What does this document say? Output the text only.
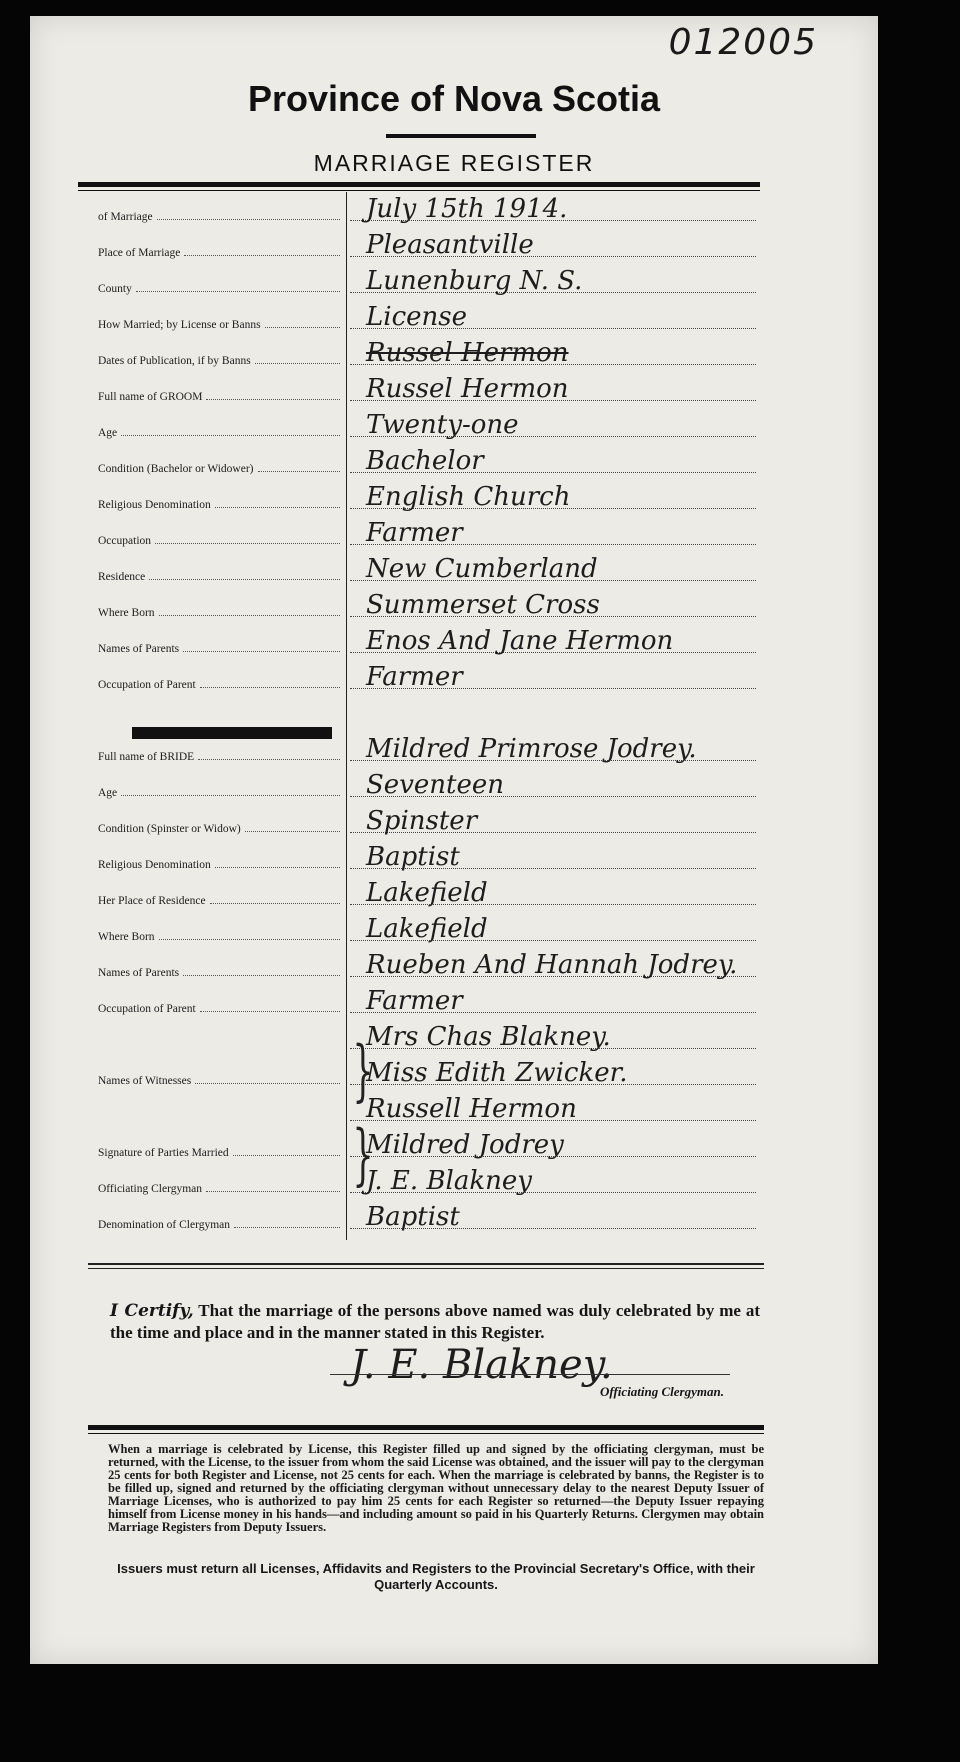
012005
Province of Nova Scotia
MARRIAGE REGISTER
of Marriage	July 15th 1914.
Place of Marriage	Pleasantville
County	Lunenburg N. S.
How Married; by License or Banns	License
Dates of Publication, if by Banns	Russel Hermon
Full name of GROOM	Russel Hermon
Age	Twenty-one
Condition (Bachelor or Widower)	Bachelor
Religious Denomination	English Church
Occupation	Farmer
Residence	New Cumberland
Where Born	Summerset Cross
Names of Parents	Enos And Jane Hermon
Occupation of Parent	Farmer
Full name of BRIDE	Mildred Primrose Jodrey.
Age	Seventeen
Condition (Spinster or Widow)	Spinster
Religious Denomination	Baptist
Her Place of Residence	Lakefield
Where Born	Lakefield
Names of Parents	Rueben And Hannah Jodrey.
Occupation of Parent	Farmer
Mrs Chas Blakney.
Names of Witnesses	Miss Edith Zwicker.
Russell Hermon
Signature of Parties Married	Mildred Jodrey
Officiating Clergyman	J. E. Blakney
Denomination of Clergyman	Baptist
}
}
I Certify, That the marriage of the persons above named was duly celebrated by me at the time and place and in the manner stated in this Register.
J. E. Blakney.
Officiating Clergyman.
When a marriage is celebrated by License, this Register filled up and signed by the officiating clergyman, must be returned, with the License, to the issuer from whom the said License was obtained, and the issuer will pay to the clergyman 25 cents for both Register and License, not 25 cents for each. When the marriage is celebrated by banns, the Register is to be filled up, signed and returned by the officiating clergyman without unnecessary delay to the nearest Deputy Issuer of Marriage Licenses, who is authorized to pay him 25 cents for each Register so returned—the Deputy Issuer repaying himself from License money in his hands—and including amount so paid in his Quarterly Returns. Clergymen may obtain Marriage Registers from Deputy Issuers.
Issuers must return all Licenses, Affidavits and Registers to the Provincial Secretary's Office, with their Quarterly Accounts.
